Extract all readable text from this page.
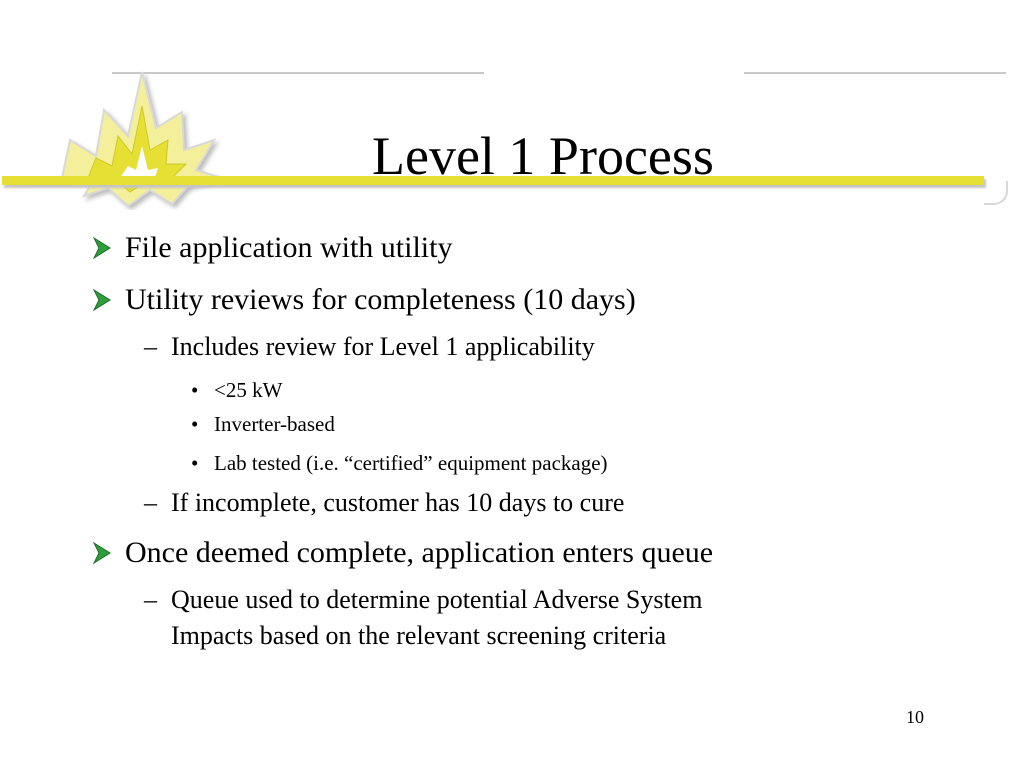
Level 1 Process
File application with utility
Utility reviews for completeness (10 days)
– Includes review for Level 1 applicability
• <25 kW
• Inverter-based
• Lab tested (i.e. “certified” equipment package)
– If incomplete, customer has 10 days to cure
Once deemed complete, application enters queue
– Queue used to determine potential Adverse System
Impacts based on the relevant screening criteria
10
